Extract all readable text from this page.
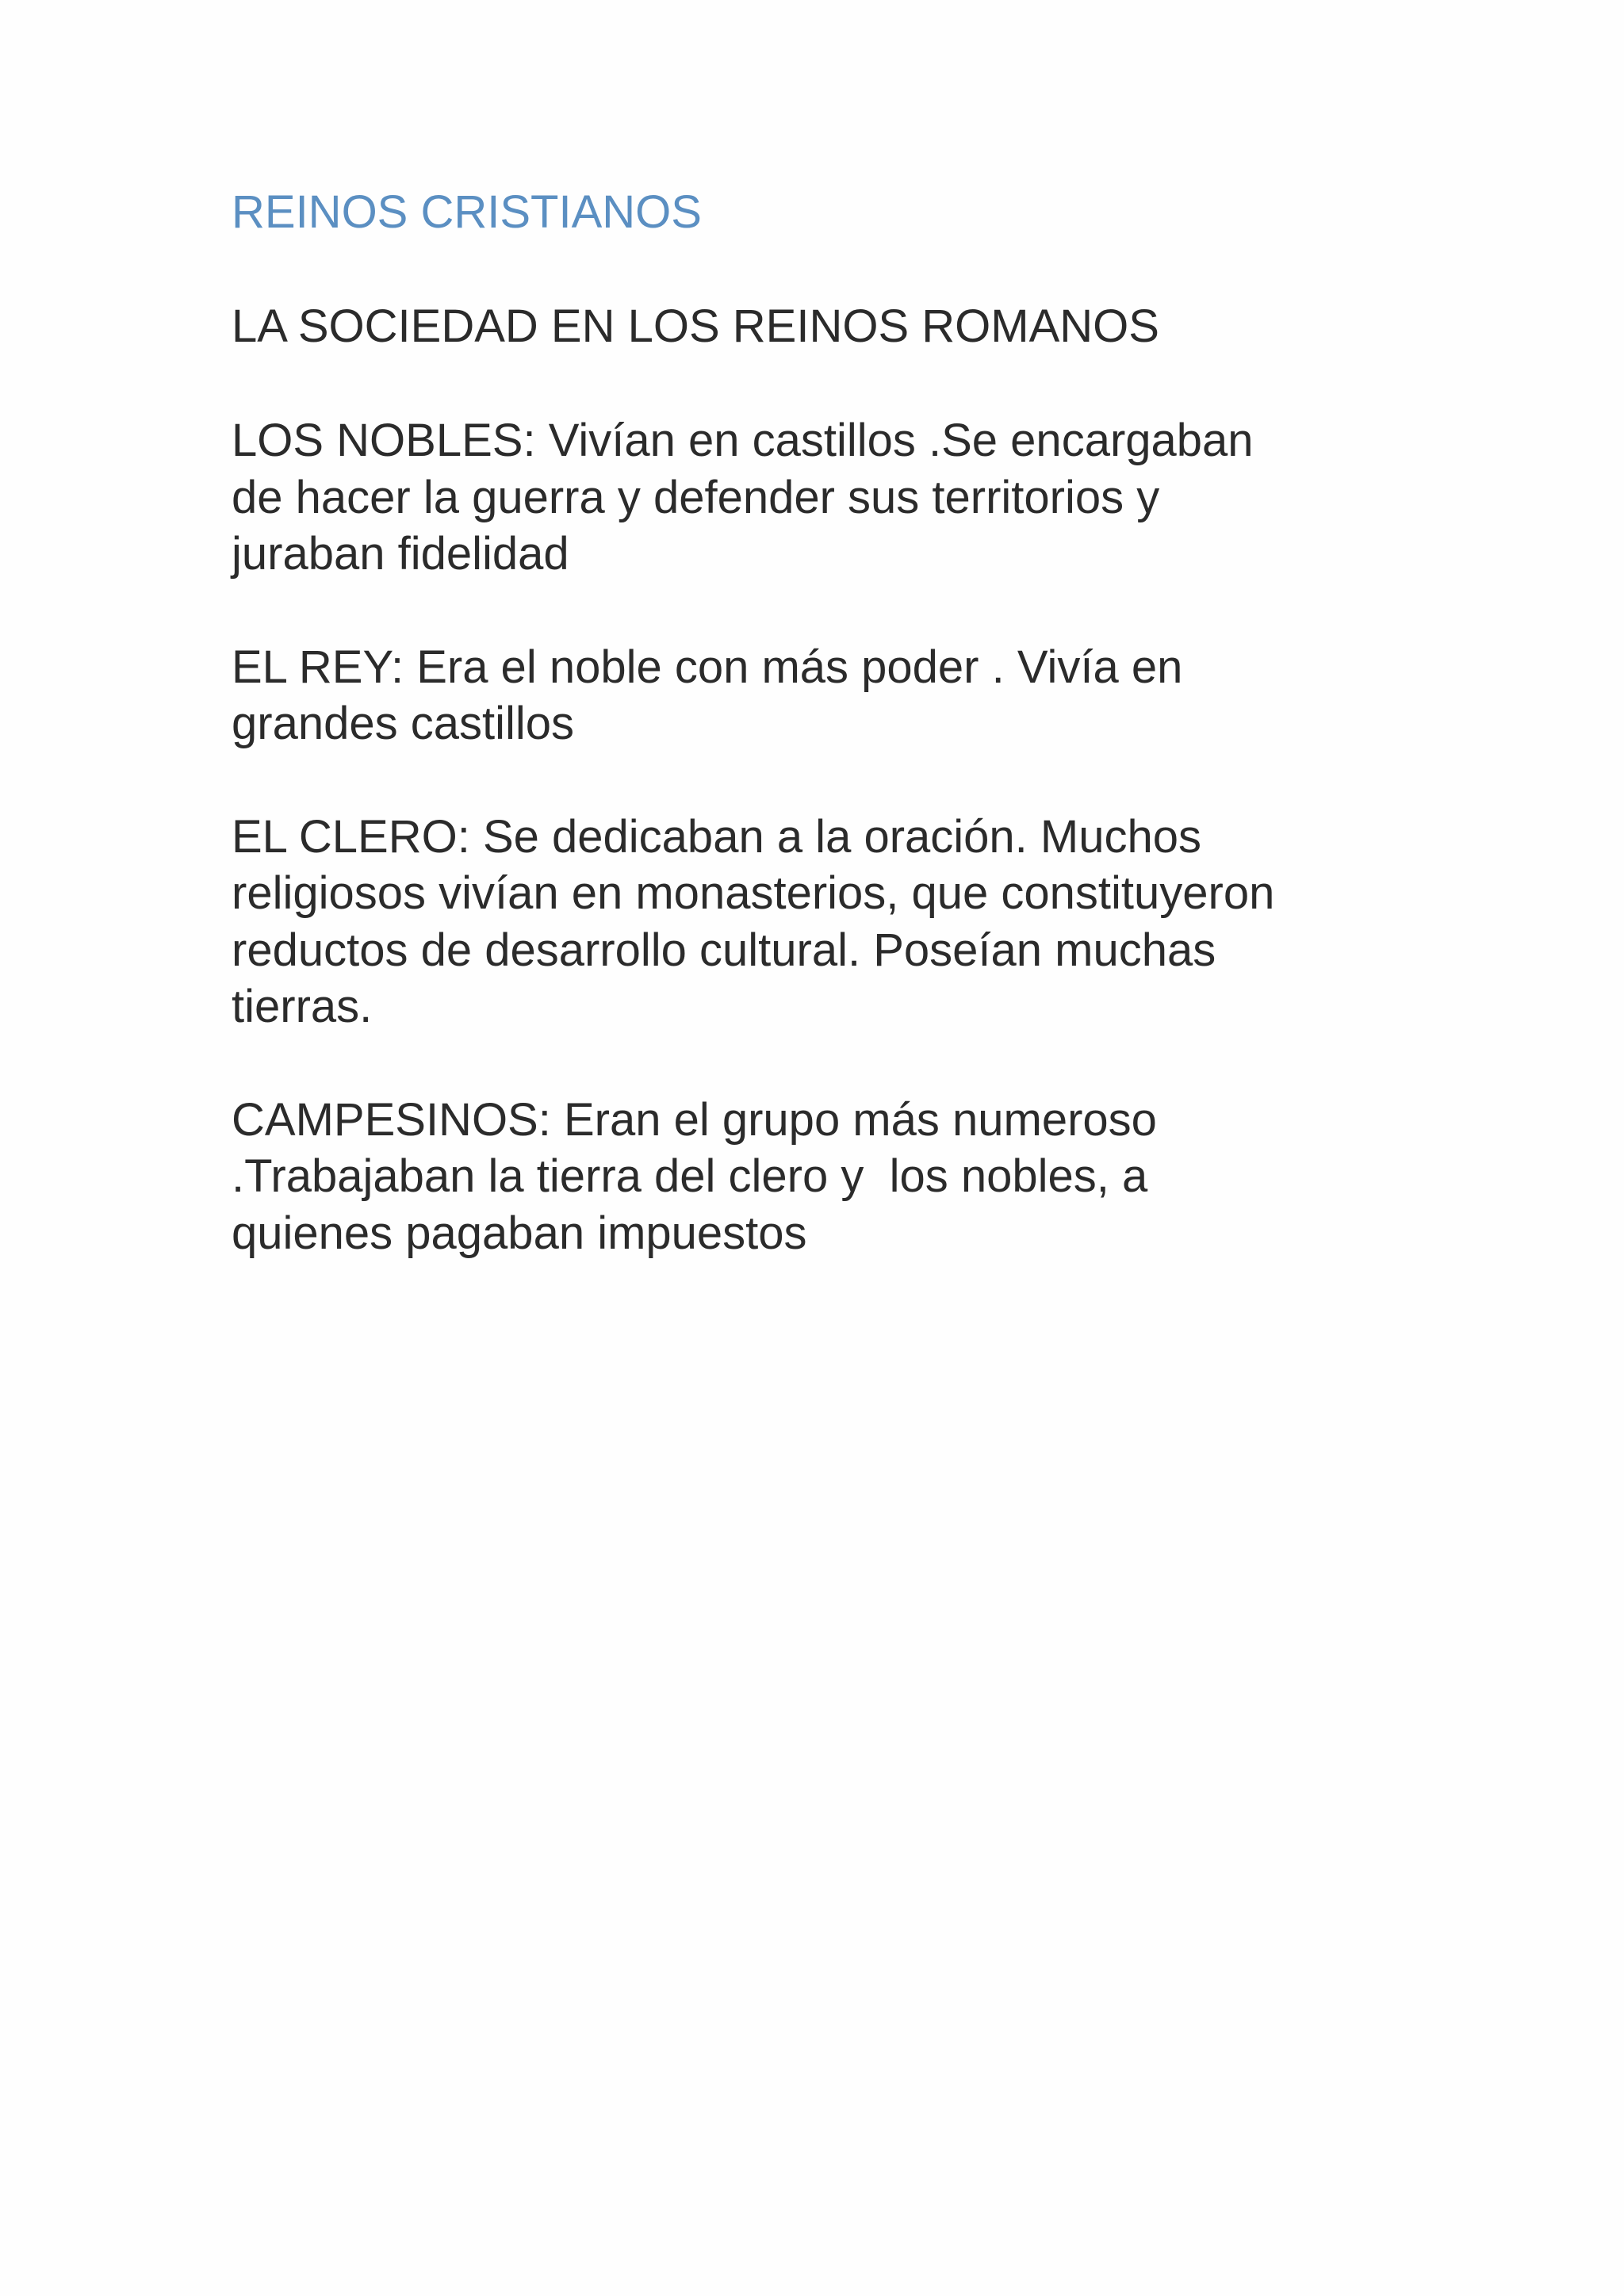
REINOS CRISTIANOS
LA SOCIEDAD EN LOS REINOS ROMANOS

LOS NOBLES: Vivían en castillos .Se encargaban
de hacer la guerra y defender sus territorios y
juraban fidelidad

EL REY: Era el noble con más poder . Vivía en
grandes castillos

EL CLERO: Se dedicaban a la oración. Muchos
religiosos vivían en monasterios, que constituyeron
reductos de desarrollo cultural. Poseían muchas
tierras.

CAMPESINOS: Eran el grupo más numeroso
.Trabajaban la tierra del clero y  los nobles, a
quienes pagaban impuestos
